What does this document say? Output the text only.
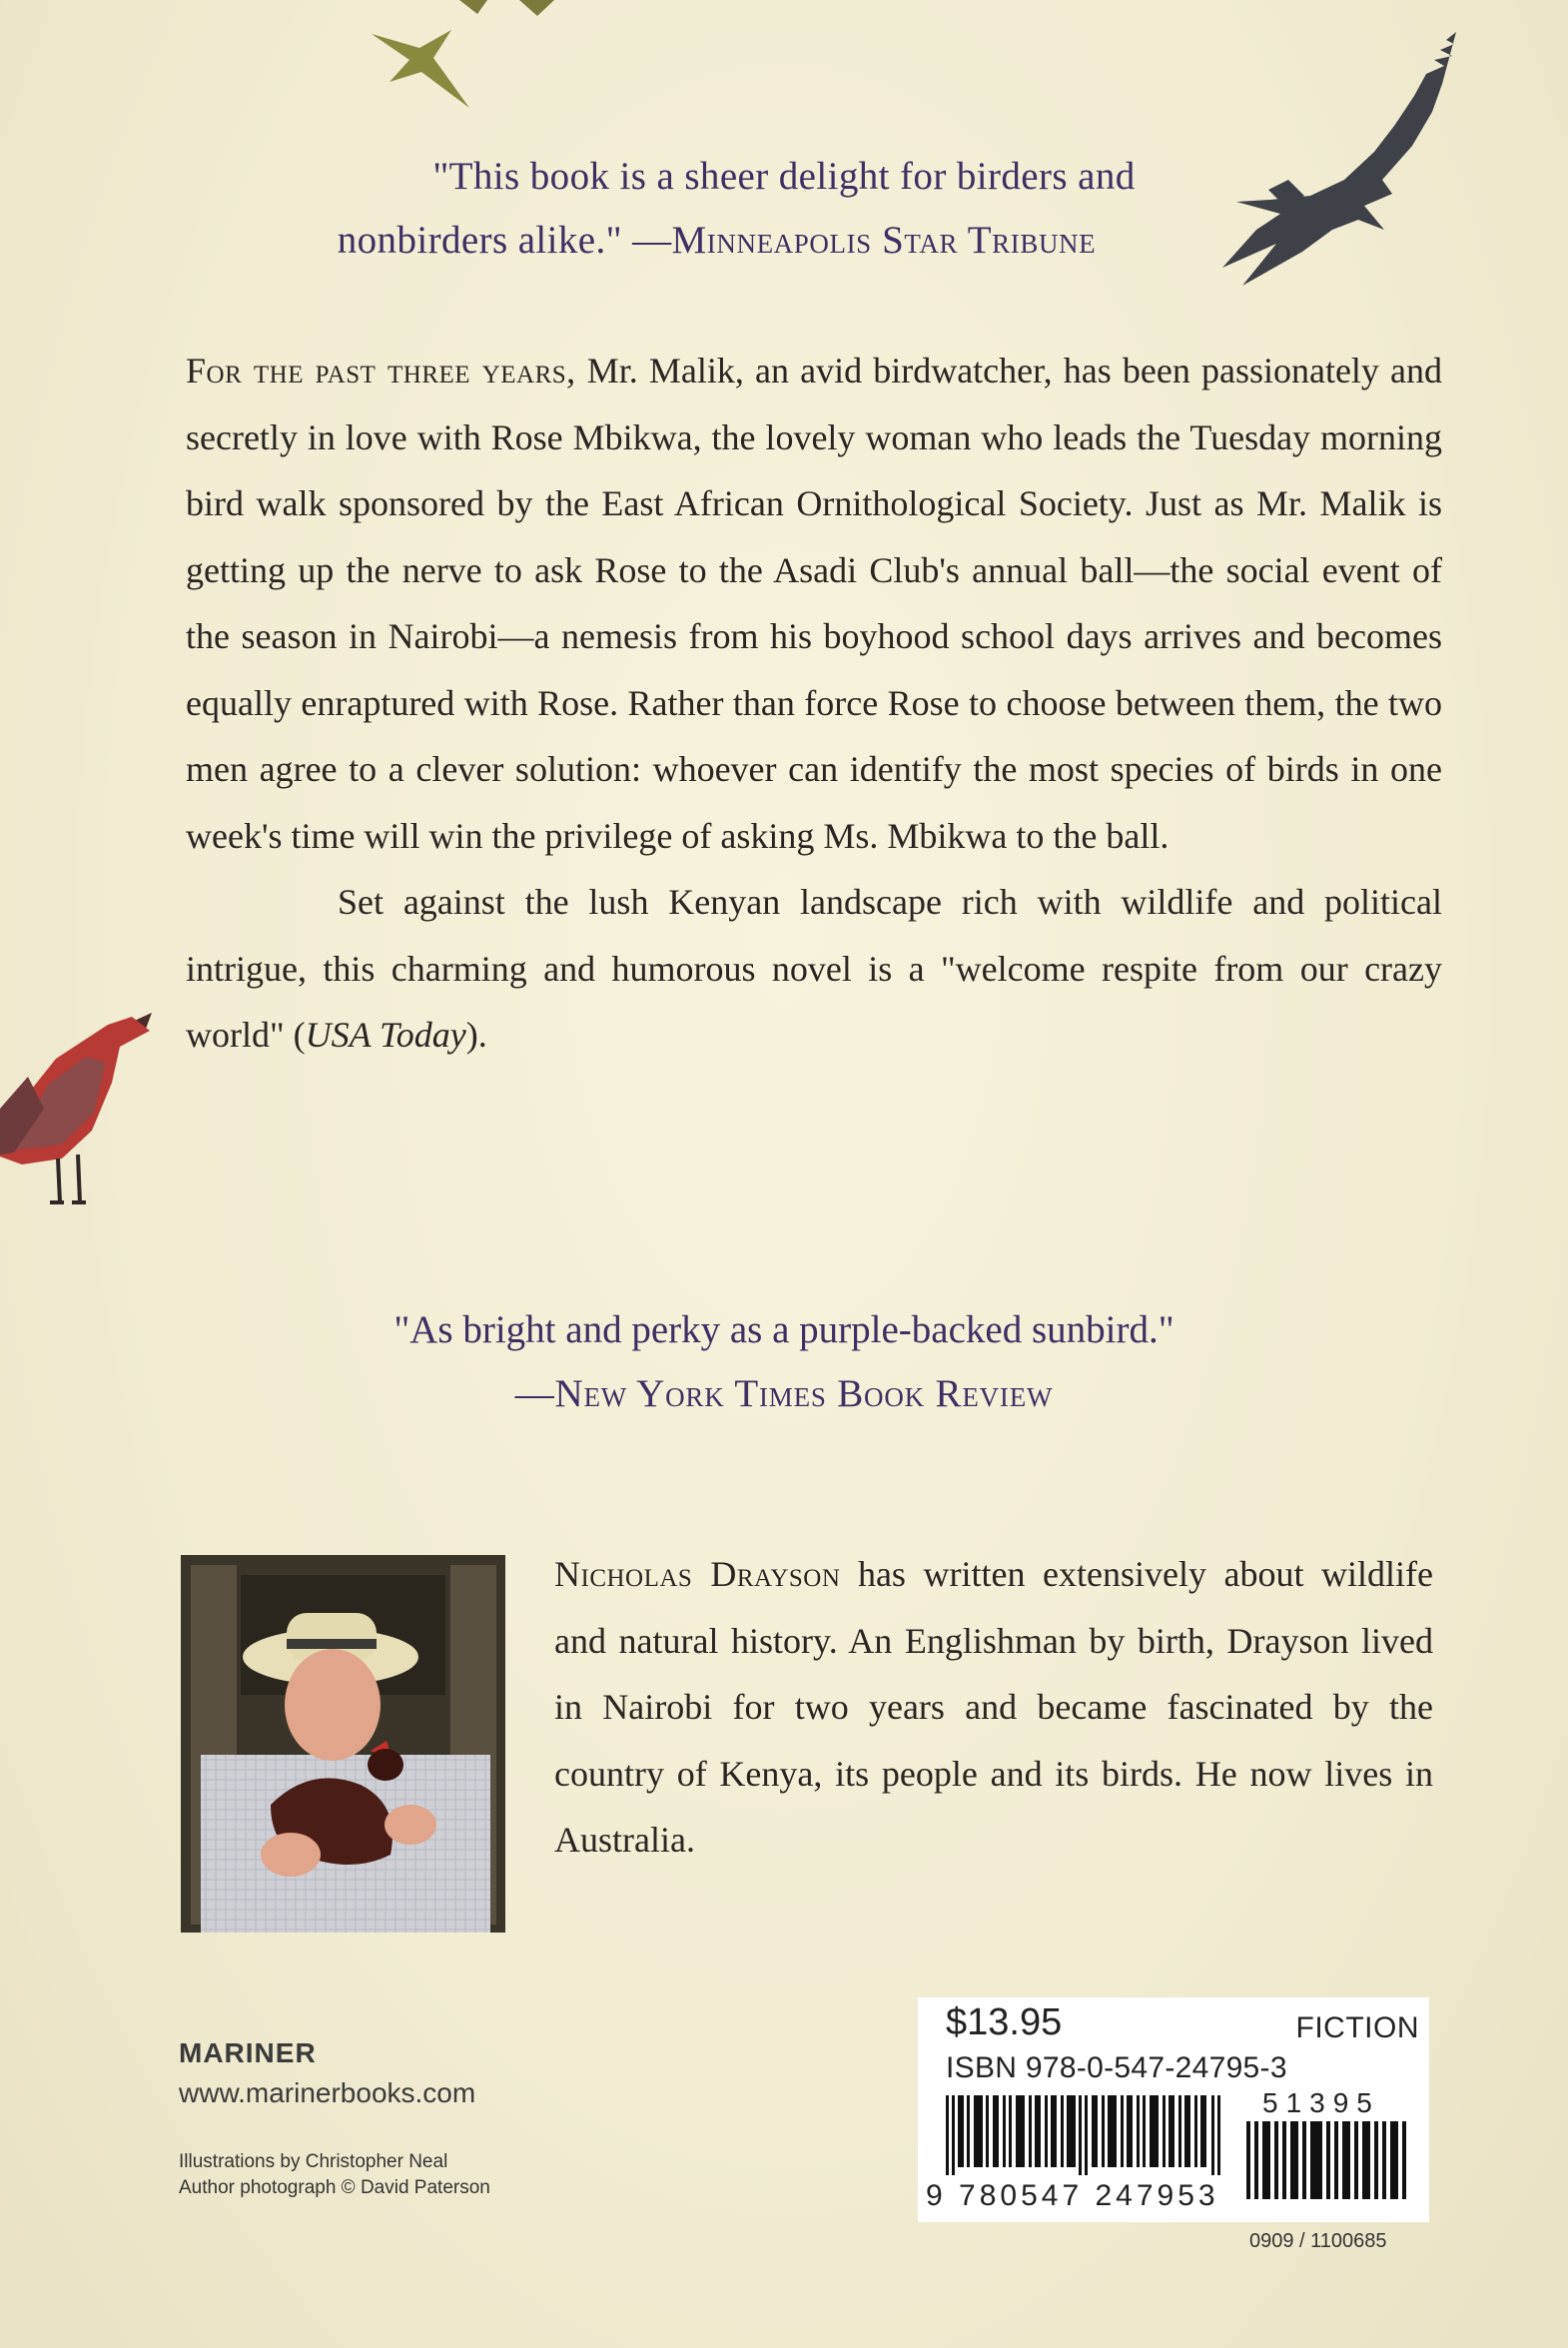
"This book is a sheer delight for birders and
nonbirders alike." —Minneapolis Star Tribune

For the past three years, Mr. Malik, an avid birdwatcher, has been passionately and secretly in love with Rose Mbikwa, the lovely woman who leads the Tuesday morning bird walk sponsored by the East African Ornithological Society. Just as Mr. Malik is getting up the nerve to ask Rose to the Asadi Club's annual ball—the social event of the season in Nairobi—a nemesis from his boyhood school days arrives and becomes equally enraptured with Rose. Rather than force Rose to choose between them, the two men agree to a clever solution: whoever can identify the most species of birds in one week's time will win the privilege of asking Ms. Mbikwa to the ball.

Set against the lush Kenyan landscape rich with wildlife and political intrigue, this charming and humorous novel is a "welcome respite from our crazy world" (USA Today).

"As bright and perky as a purple-backed sunbird."
—New York Times Book Review
Nicholas Drayson has written extensively about wildlife and natural history. An Englishman by birth, Drayson lived in Nairobi for two years and became fascinated by the country of Kenya, its people and its birds. He now lives in Australia.
MARINER
www.marinerbooks.com
Illustrations by Christopher Neal
Author photograph © David Paterson
$13.95	FICTION
ISBN 978-0-547-24795-3
51395
9 780547 247953
0909 / 1100685
